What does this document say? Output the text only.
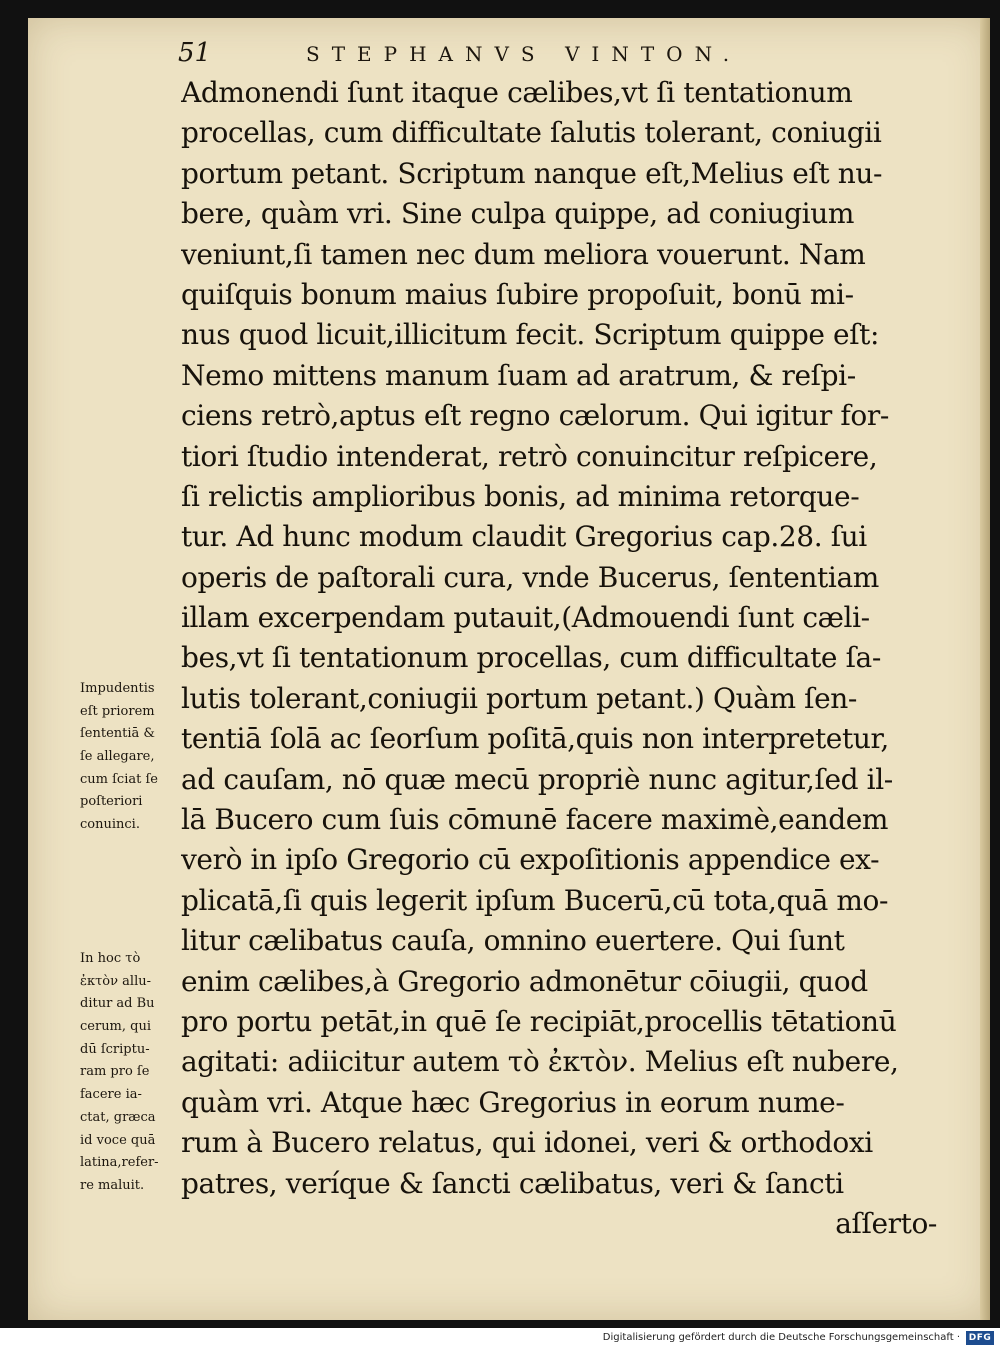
51	STEPHANVS VINTON.
Impudentis
eſt priorem
ſententiā &
ſe allegare,
cum ſciat ſe
poſteriori
conuinci.
In hoc τὸ
ἐκτὸν allu-
ditur ad Bu
cerum, qui
dū ſcriptu-
ram pro ſe
facere ia-
ctat, græca
id voce quā
latina,refer-
re maluit.
Admonendi ſunt itaque cælibes,vt ſi tentationum
procellas, cum difficultate ſalutis tolerant, coniugii
portum petant. Scriptum nanque eſt,Melius eſt nu-
bere, quàm vri. Sine culpa quippe, ad coniugium
veniunt,ſi tamen nec dum meliora vouerunt. Nam
quiſquis bonum maius ſubire propoſuit, bonū mi-
nus quod licuit,illicitum fecit. Scriptum quippe eſt:
Nemo mittens manum ſuam ad aratrum, & reſpi-
ciens retrò,aptus eſt regno cælorum. Qui igitur for-
tiori ſtudio intenderat, retrò conuincitur reſpicere,
ſi relictis amplioribus bonis, ad minima retorque-
tur. Ad hunc modum claudit Gregorius cap.28. ſui
operis de paſtorali cura, vnde Bucerus, ſententiam
illam excerpendam putauit,(Admouendi ſunt cæli-
bes,vt ſi tentationum procellas, cum difficultate ſa-
lutis tolerant,coniugii portum petant.) Quàm ſen-
tentiā ſolā ac ſeorſum poſitā,quis non interpretetur,
ad cauſam, nō quæ mecū propriè nunc agitur,ſed il-
lā Bucero cum ſuis cōmunē facere maximè,eandem
verò in ipſo Gregorio cū expoſitionis appendice ex-
plicatā,ſi quis legerit ipſum Bucerū,cū tota,quā mo-
litur cælibatus cauſa, omnino euertere. Qui ſunt
enim cælibes,à Gregorio admonētur cōiugii, quod
pro portu petāt,in quē ſe recipiāt,procellis tētationū
agitati: adiicitur autem τὸ ἐκτὸν. Melius eſt nubere,
quàm vri. Atque hæc Gregorius in eorum nume-
rum à Bucero relatus, qui idonei, veri & orthodoxi
patres, veríque & ſancti cælibatus, veri & ſancti
aſſerto-
Digitalisierung gefördert durch die Deutsche Forschungsgemeinschaft · DFG
